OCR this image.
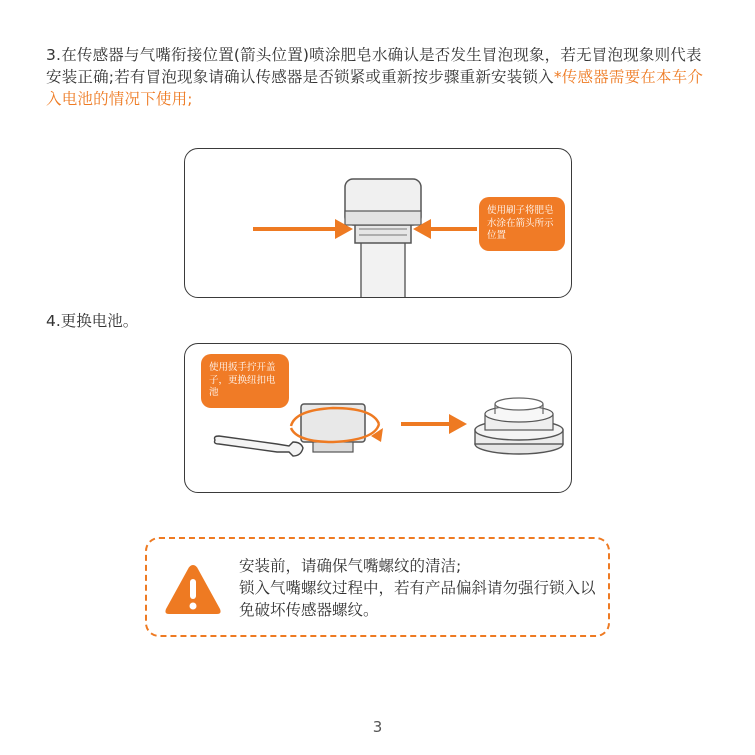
3.在传感器与气嘴衔接位置(箭头位置)喷涂肥皂水确认是否发生冒泡现象，若无冒泡现象则代表安装正确;若有冒泡现象请确认传感器是否锁紧或重新按步骤重新安装锁入*传感器需要在本车介入电池的情况下使用;
使用刷子将肥皂水涂在箭头所示位置
4.更换电池。
使用扳手拧开盖子，更换纽扣电池
安装前，请确保气嘴螺纹的清洁;
锁入气嘴螺纹过程中，若有产品偏斜请勿强行锁入以免破坏传感器螺纹。
3
